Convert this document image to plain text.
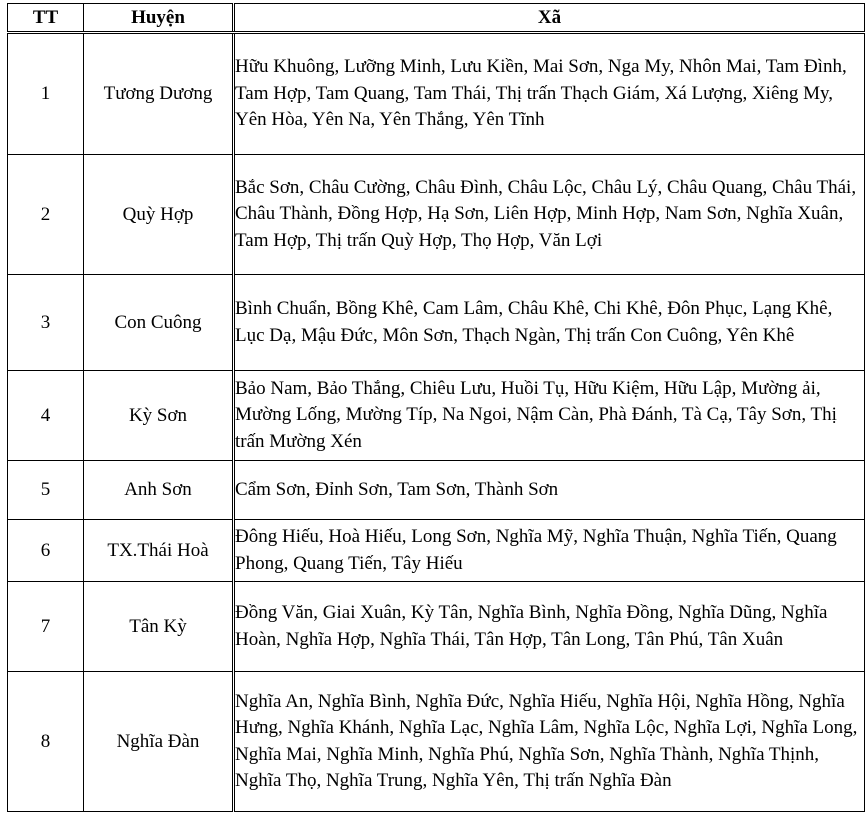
TT	Huyện	Xã
1	Tương Dương	Hữu Khuông, Lưỡng Minh, Lưu Kiền, Mai Sơn, Nga My, Nhôn Mai, Tam Đình, Tam Hợp, Tam Quang, Tam Thái, Thị trấn Thạch Giám, Xá Lượng, Xiêng My, Yên Hòa, Yên Na, Yên Thắng, Yên Tĩnh
2	Quỳ Hợp	Bắc Sơn, Châu Cường, Châu Đình, Châu Lộc, Châu Lý, Châu Quang, Châu Thái, Châu Thành, Đồng Hợp, Hạ Sơn, Liên Hợp, Minh Hợp, Nam Sơn, Nghĩa Xuân, Tam Hợp, Thị trấn Quỳ Hợp, Thọ Hợp, Văn Lợi
3	Con Cuông	Bình Chuẩn, Bồng Khê, Cam Lâm, Châu Khê, Chi Khê, Đôn Phục, Lạng Khê, Lục Dạ, Mậu Đức, Môn Sơn, Thạch Ngàn, Thị trấn Con Cuông, Yên Khê
4	Kỳ Sơn	Bảo Nam, Bảo Thắng, Chiêu Lưu, Huồi Tụ, Hữu Kiệm, Hữu Lập, Mường ải, Mường Lống, Mường Típ, Na Ngoi, Nậm Càn, Phà Đánh, Tà Cạ, Tây Sơn, Thị trấn Mường Xén
5	Anh Sơn	Cẩm Sơn, Đỉnh Sơn, Tam Sơn, Thành Sơn
6	TX.Thái Hoà	Đông Hiếu, Hoà Hiếu, Long Sơn, Nghĩa Mỹ, Nghĩa Thuận, Nghĩa Tiến, Quang Phong, Quang Tiến, Tây Hiếu
7	Tân Kỳ	Đồng Văn, Giai Xuân, Kỳ Tân, Nghĩa Bình, Nghĩa Đồng, Nghĩa Dũng, Nghĩa Hoàn, Nghĩa Hợp, Nghĩa Thái, Tân Hợp, Tân Long, Tân Phú, Tân Xuân
8	Nghĩa Đàn	Nghĩa An, Nghĩa Bình, Nghĩa Đức, Nghĩa Hiếu, Nghĩa Hội, Nghĩa Hồng, Nghĩa Hưng, Nghĩa Khánh, Nghĩa Lạc, Nghĩa Lâm, Nghĩa Lộc, Nghĩa Lợi, Nghĩa Long, Nghĩa Mai, Nghĩa Minh, Nghĩa Phú, Nghĩa Sơn, Nghĩa Thành, Nghĩa Thịnh, Nghĩa Thọ, Nghĩa Trung, Nghĩa Yên, Thị trấn Nghĩa Đàn
